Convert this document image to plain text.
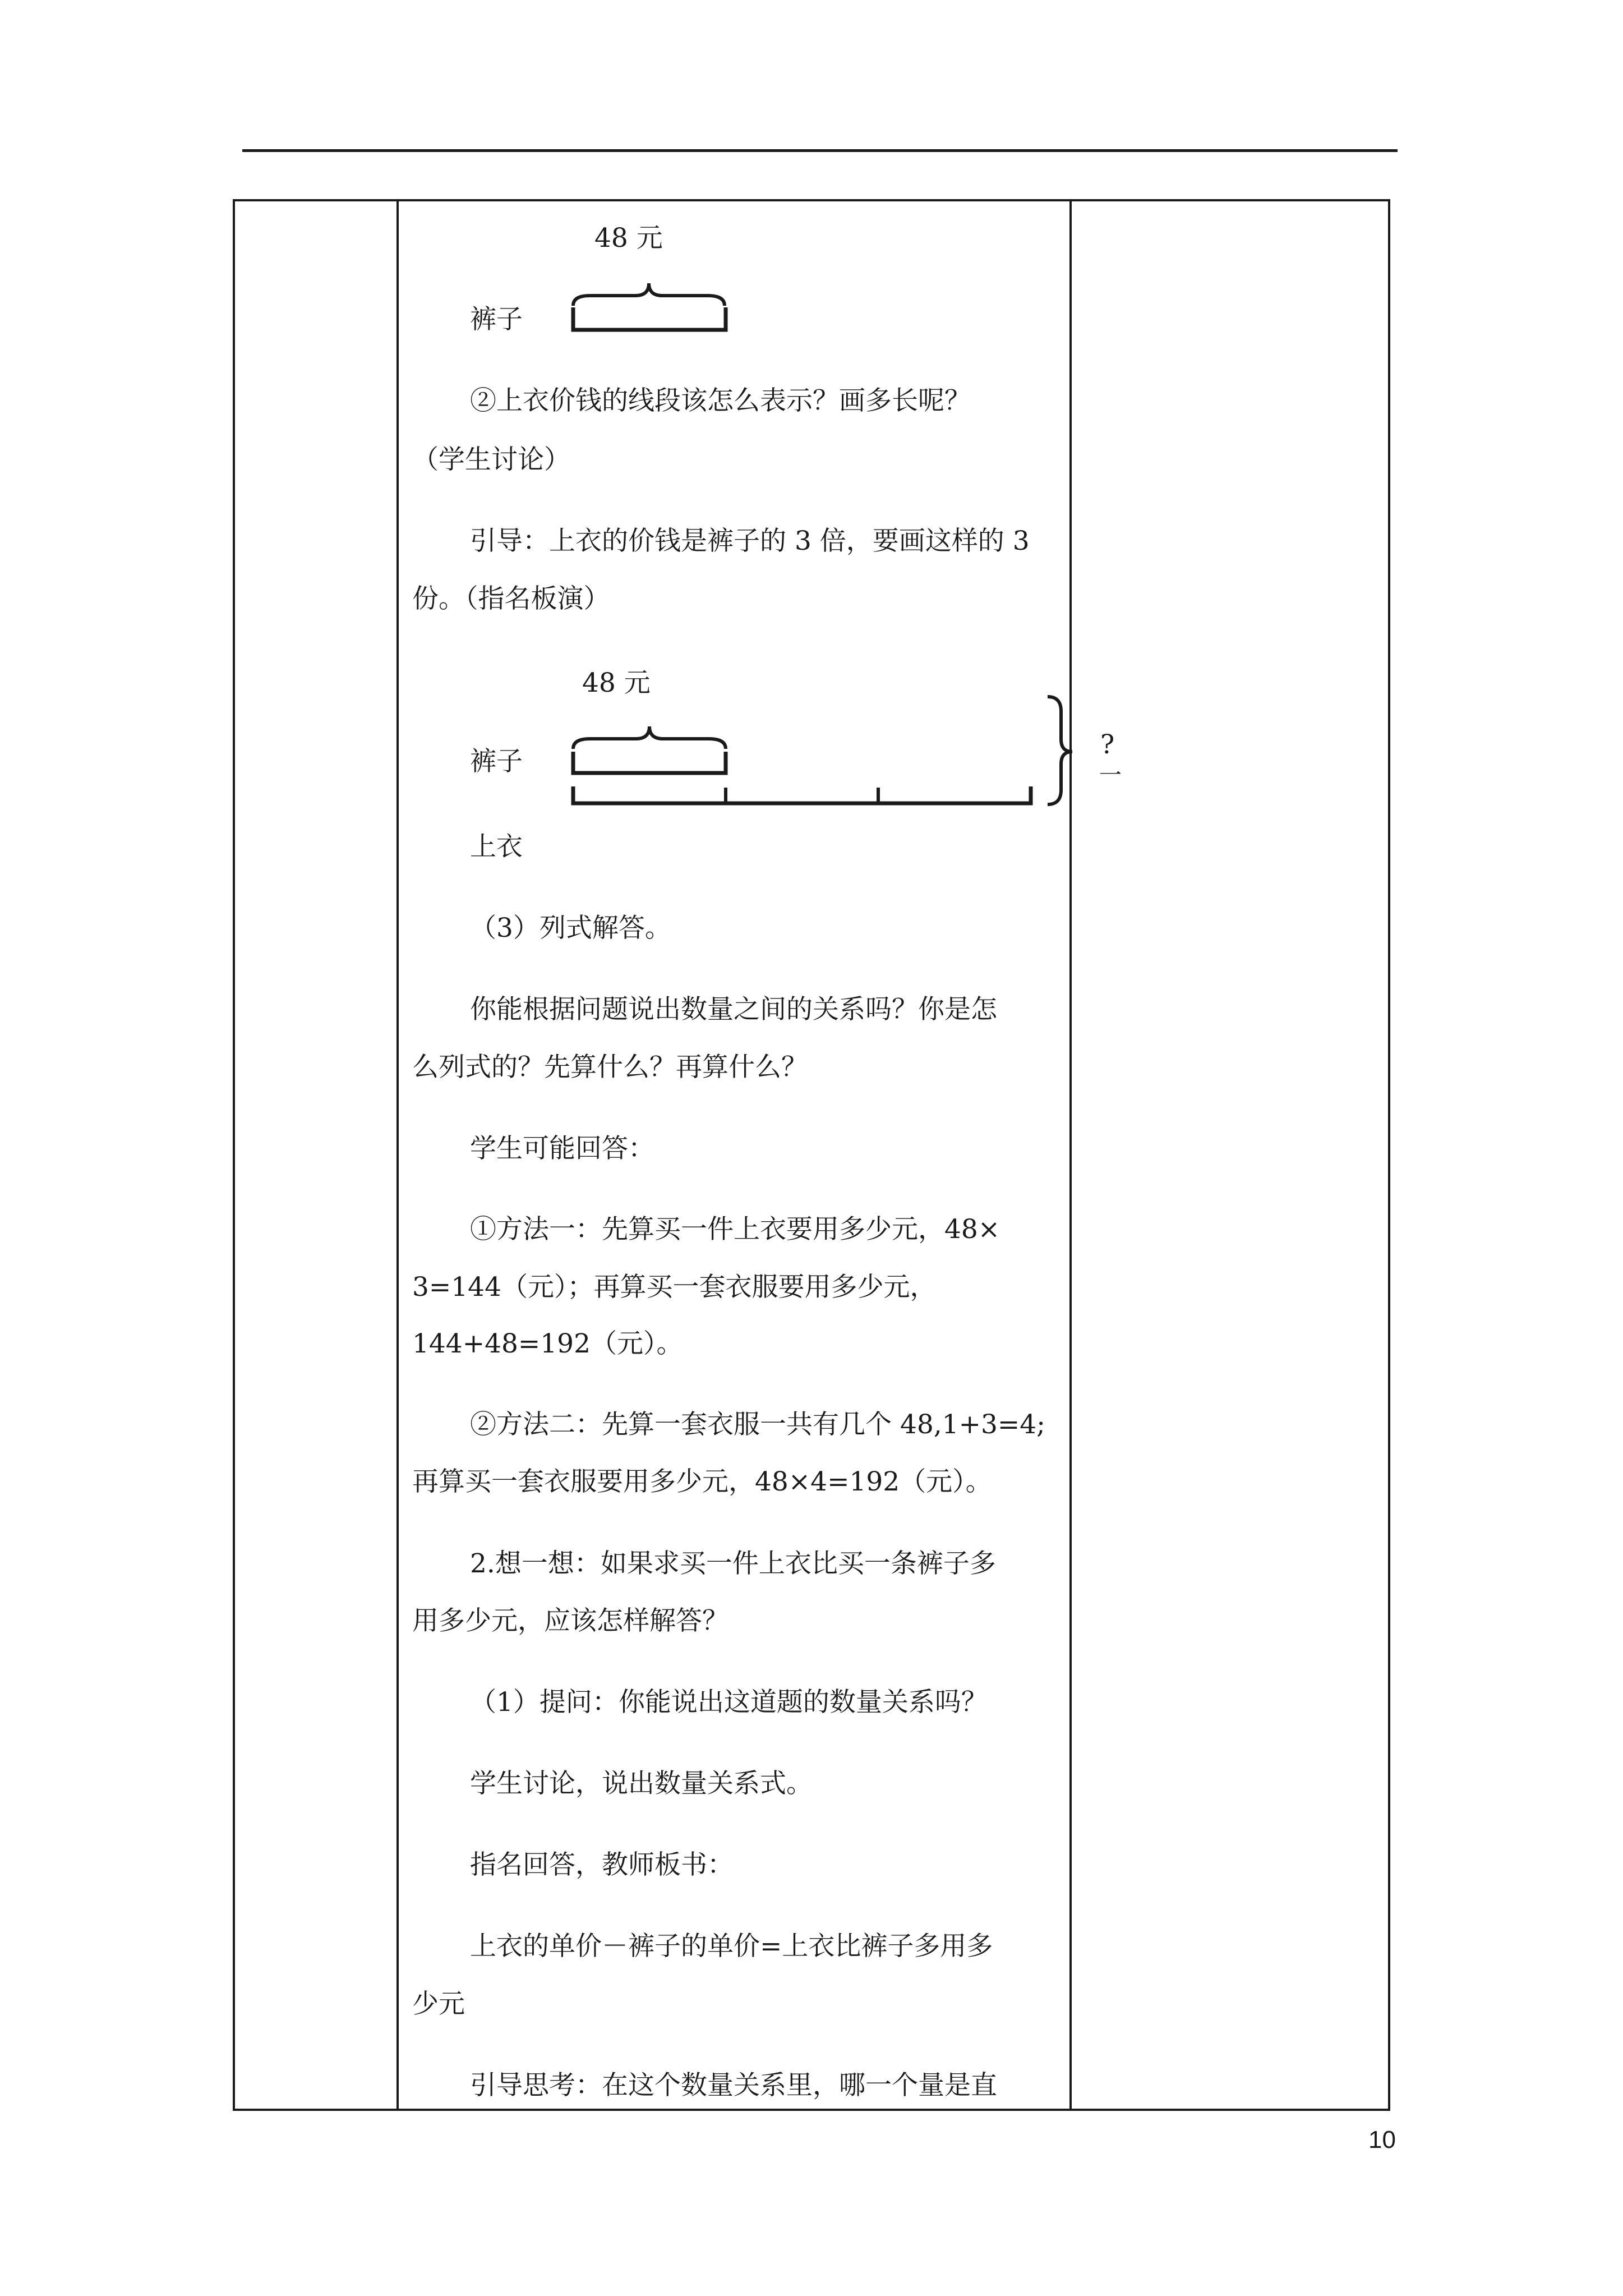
48 元
裤子
②上衣价钱的线段该怎么表示？画多长呢？
（学生讨论）
引导：上衣的价钱是裤子的 3 倍，要画这样的 3
份。（指名板演）
48 元
裤子
上衣
?
一
（3）列式解答。
你能根据问题说出数量之间的关系吗？你是怎
么列式的？先算什么？再算什么？
学生可能回答：
①方法一：先算买一件上衣要用多少元，48×
3=144（元）；再算买一套衣服要用多少元，
144+48=192（元）。
②方法二：先算一套衣服一共有几个 48,1+3=4;
再算买一套衣服要用多少元，48×4=192（元）。
2.想一想：如果求买一件上衣比买一条裤子多
用多少元，应该怎样解答？
（1）提问：你能说出这道题的数量关系吗？
学生讨论，说出数量关系式。
指名回答，教师板书：
上衣的单价－裤子的单价=上衣比裤子多用多
少元
引导思考：在这个数量关系里，哪一个量是直
10
